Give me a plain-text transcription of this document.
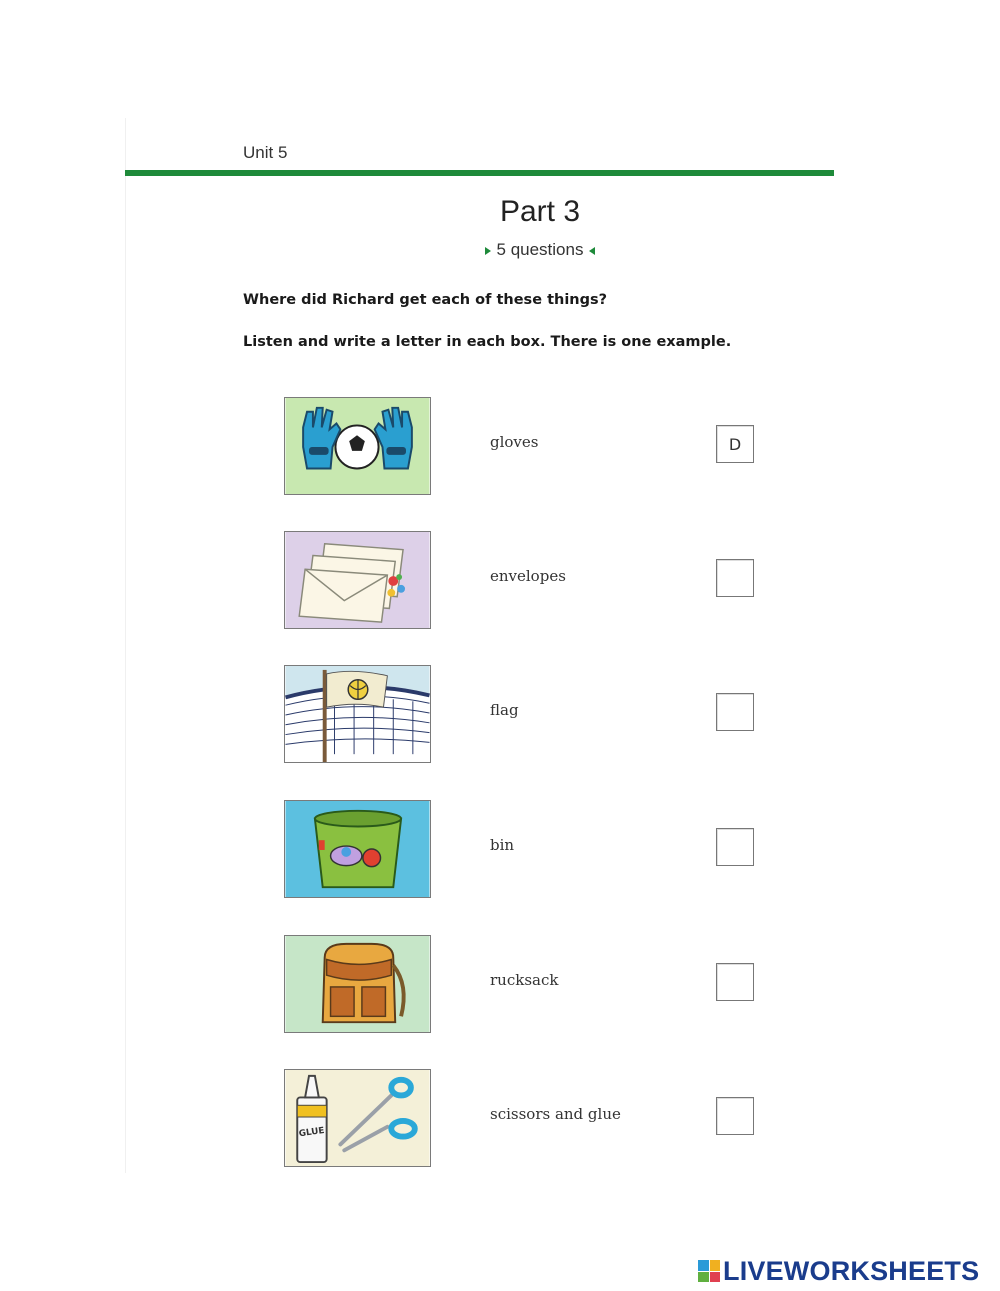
Unit 5
Part 3
5 questions
Where did Richard get each of these things?
Listen and write a letter in each box. There is one example.
gloves	D
envelopes
flag
bin
rucksack
GLUE
scissors and glue
LIVEWORKSHEETS
